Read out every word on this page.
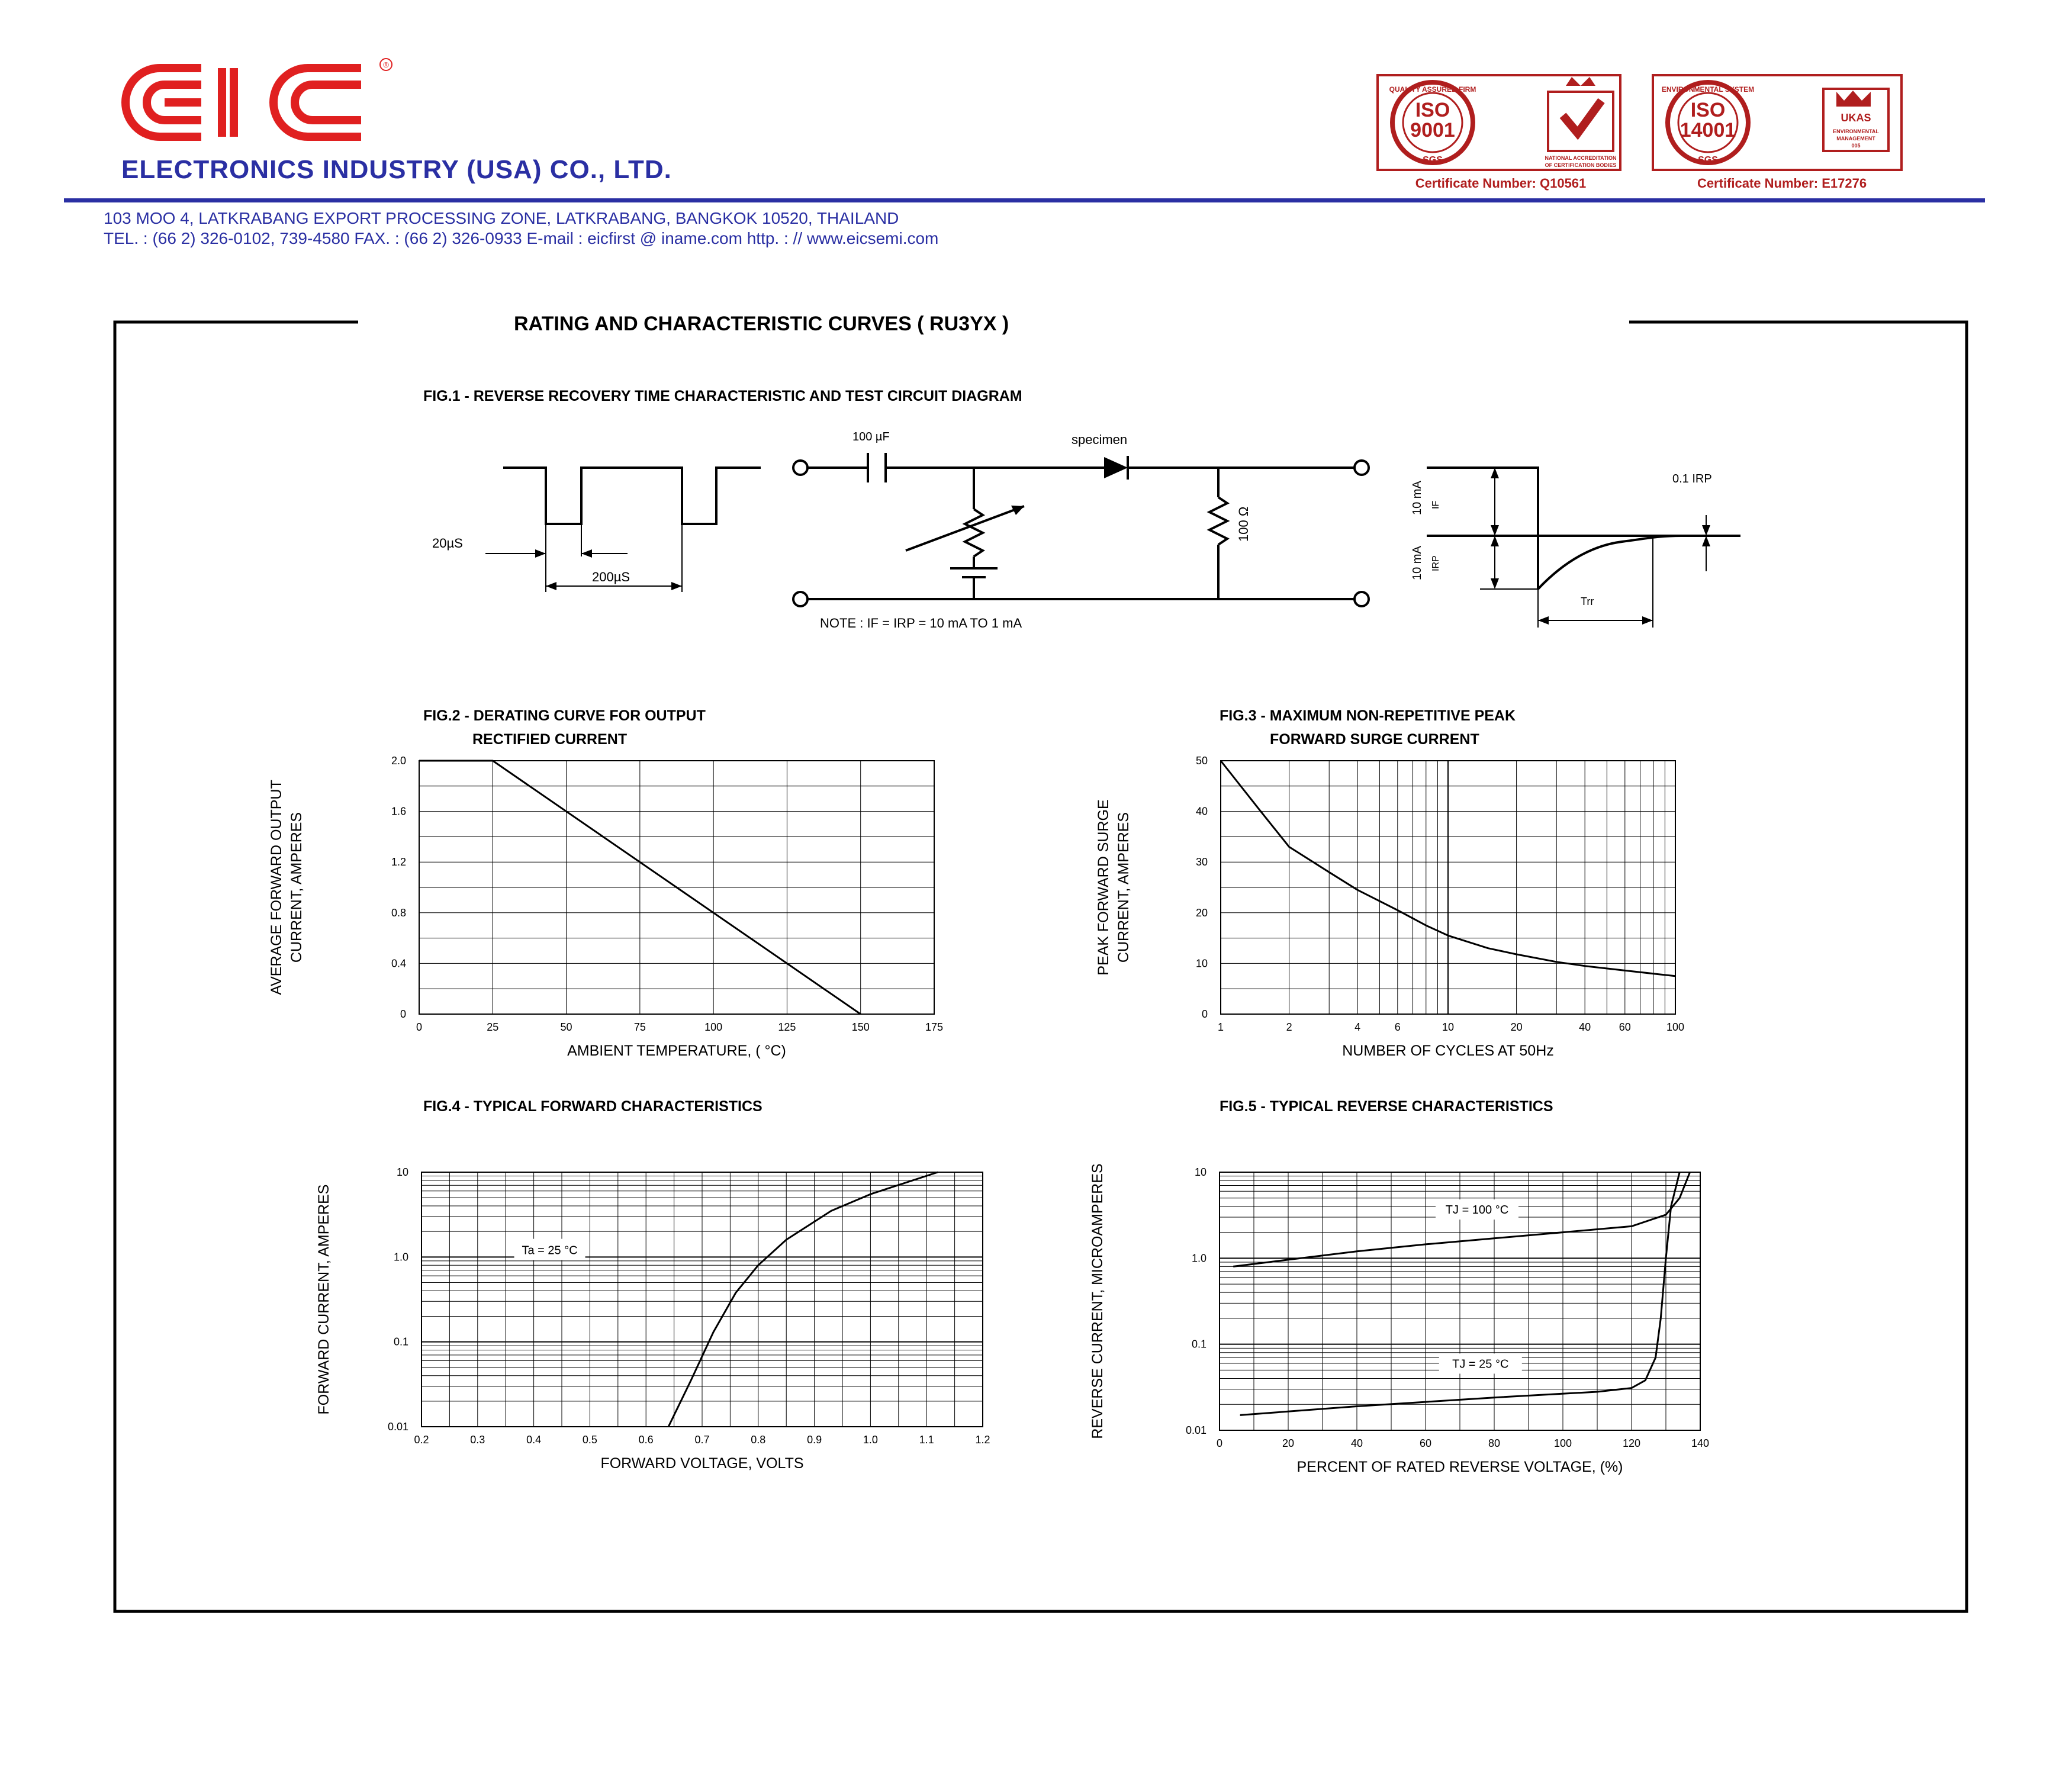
®
ELECTRONICS INDUSTRY (USA) CO., LTD.
103 MOO 4, LATKRABANG EXPORT PROCESSING ZONE, LATKRABANG, BANGKOK 10520, THAILAND
TEL. : (66 2) 326-0102, 739-4580 FAX. : (66 2) 326-0933 E-mail : eicfirst @ iname.com http. : // www.eicsemi.com
ISO
9001
SGS
QUALITY ASSURED FIRM
NATIONAL ACCREDITATION
OF CERTIFICATION BODIES
Certificate Number: Q10561
ISO
14001
SGS
ENVIRONMENTAL SYSTEM
UKAS
ENVIRONMENTAL
MANAGEMENT
005
Certificate Number: E17276
RATING AND CHARACTERISTIC CURVES ( RU3YX )
FIG.1 - REVERSE RECOVERY TIME CHARACTERISTIC AND TEST CIRCUIT DIAGRAM
20µS
200µS
100 µF	specimen
100 Ω
NOTE : IF = IRP = 10 mA TO 1 mA
10 mA IF
10 mA IRP
0.1 IRP
Trr
FIG.2 - DERATING CURVE FOR OUTPUT
RECTIFIED CURRENT
0	25	50	75	100	125	150	175
0
0.4
0.8
1.2
1.6
2.0
AMBIENT TEMPERATURE, ( °C)
AVERAGE FORWARD OUTPUT CURRENT, AMPERES
FIG.3 - MAXIMUM NON-REPETITIVE PEAK
FORWARD SURGE CURRENT
1	2	4	6	10	20	40	60	100
0
10
20
30
40
50
NUMBER OF CYCLES AT 50Hz
PEAK FORWARD SURGE CURRENT, AMPERES
FIG.4 - TYPICAL FORWARD CHARACTERISTICS
0.2	0.3	0.4	0.5	0.6	0.7	0.8	0.9	1.0	1.1	1.2
0.01
0.1
1.0
10
FORWARD VOLTAGE, VOLTS
FORWARD CURRENT, AMPERES	Ta = 25 °C
FIG.5 - TYPICAL REVERSE CHARACTERISTICS
0	20	40	60	80	100	120	140
0.01
0.1
1.0
10
PERCENT OF RATED REVERSE VOLTAGE, (%)
REVERSE CURRENT, MICROAMPERES	TJ = 100 °C
TJ = 25 °C
